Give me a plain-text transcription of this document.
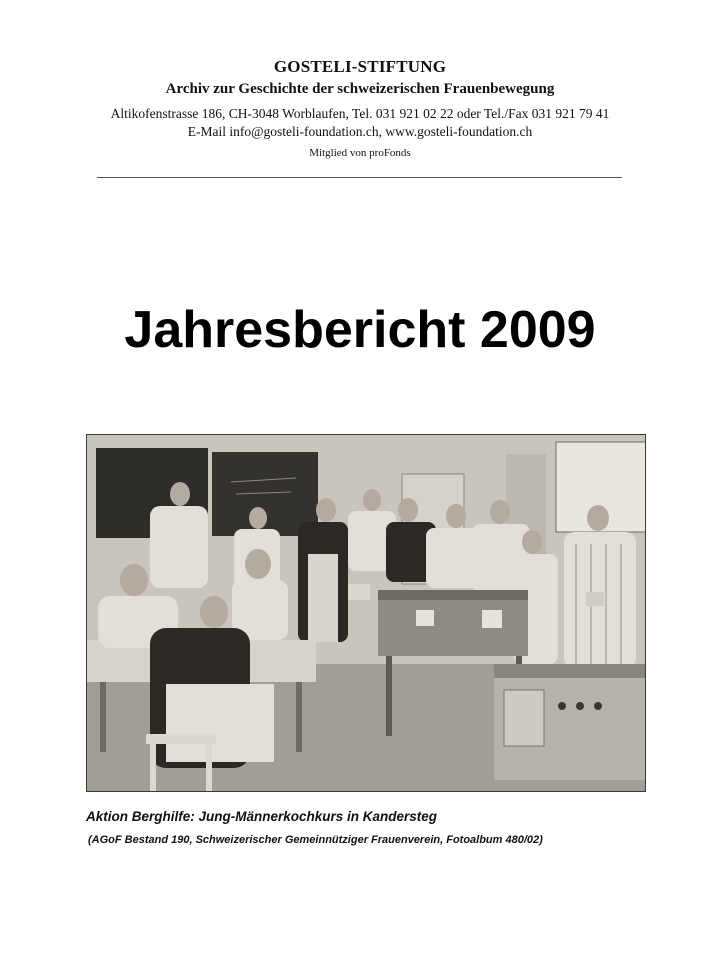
GOSTELI-STIFTUNG
Archiv zur Geschichte der schweizerischen Frauenbewegung
Altikofenstrasse 186, CH-3048 Worblaufen, Tel. 031 921 02 22 oder Tel./Fax 031 921 79 41
E-Mail info@gosteli-foundation.ch, www.gosteli-foundation.ch
Mitglied von proFonds
Jahresbericht 2009
Aktion Berghilfe: Jung-Männerkochkurs in Kandersteg
(AGoF Bestand 190, Schweizerischer Gemeinnütziger Frauenverein, Fotoalbum 480/02)
